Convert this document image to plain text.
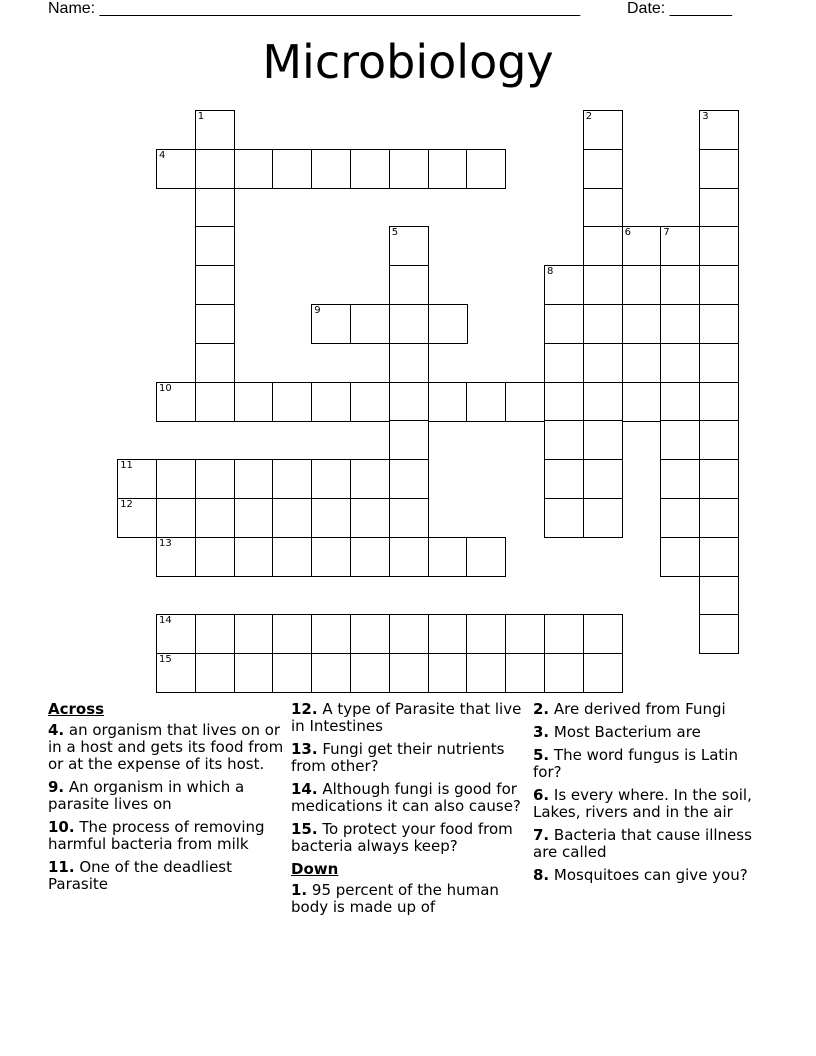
Name: ______________________________________________________	Date: _______
Microbiology
1	2	3
4
5	6	7
8
9
10
11
12
13
14
15
Across
4. an organism that lives on or in a host and gets its food from or at the expense of its host.
9. An organism in which a parasite lives on
10. The process of removing harmful bacteria from milk
11. One of the deadliest Parasite
12. A type of Parasite that live in Intestines
13. Fungi get their nutrients from other?
14. Although fungi is good for medications it can also cause?
15. To protect your food from bacteria always keep?
Down
1. 95 percent of the human body is made up of
2. Are derived from Fungi
3. Most Bacterium are
5. The word fungus is Latin for?
6. Is every where. In the soil, Lakes, rivers and in the air
7. Bacteria that cause illness are called
8. Mosquitoes can give you?
